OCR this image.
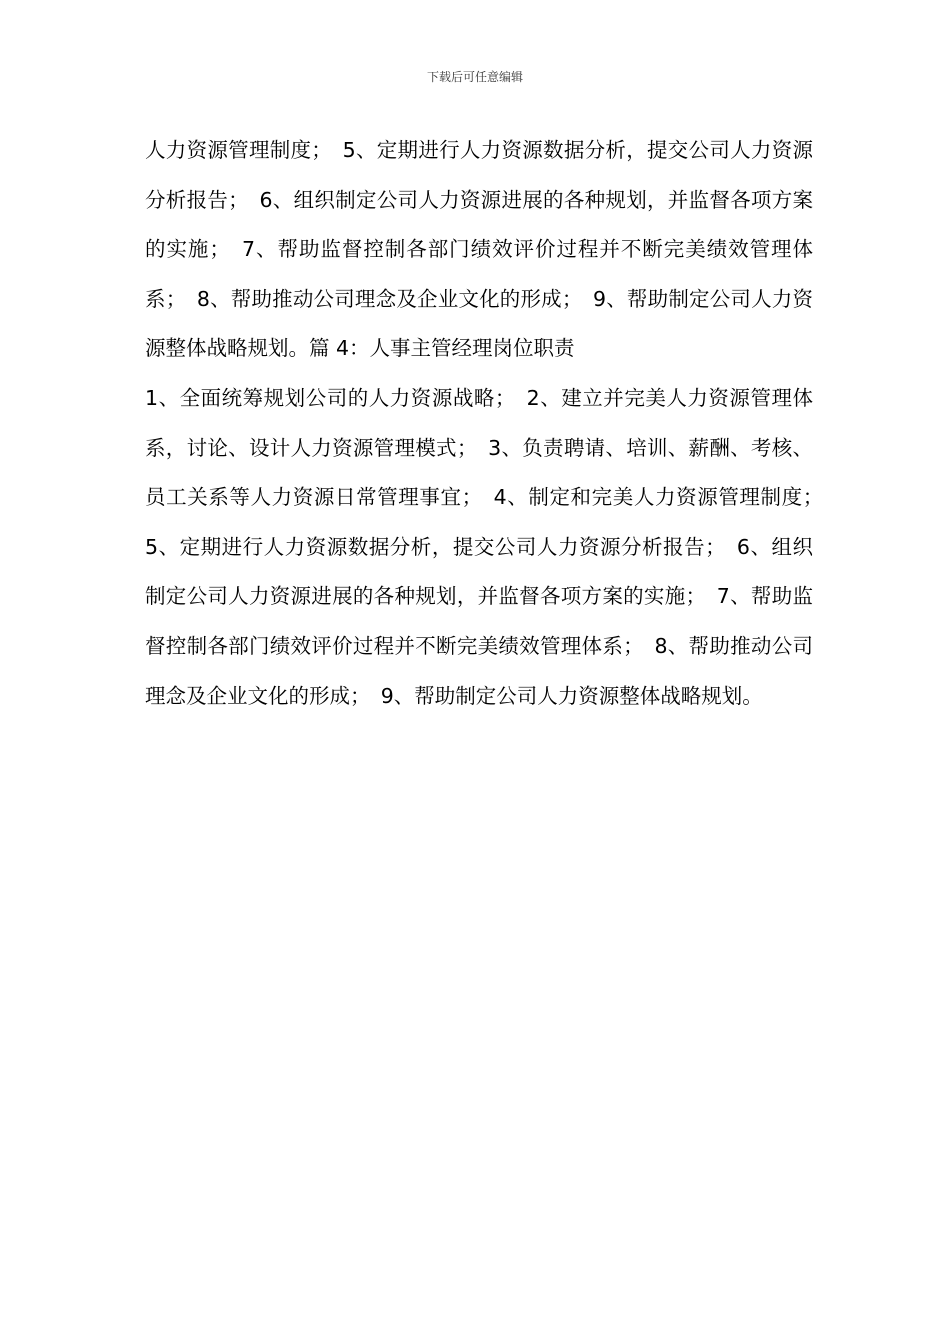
下载后可任意编辑

人力资源管理制度；　5、定期进行人力资源数据分析，提交公司人力资源分析报告；　6、组织制定公司人力资源进展的各种规划，并监督各项方案的实施；　7、帮助监督控制各部门绩效评价过程并不断完美绩效管理体系；　8、帮助推动公司理念及企业文化的形成；　9、帮助制定公司人力资源整体战略规划。篇 4：人事主管经理岗位职责

1、全面统筹规划公司的人力资源战略；　2、建立并完美人力资源管理体系，讨论、设计人力资源管理模式；　3、负责聘请、培训、薪酬、考核、员工关系等人力资源日常管理事宜；　4、制定和完美人力资源管理制度；　5、定期进行人力资源数据分析，提交公司人力资源分析报告；　6、组织制定公司人力资源进展的各种规划，并监督各项方案的实施；　7、帮助监督控制各部门绩效评价过程并不断完美绩效管理体系；　8、帮助推动公司理念及企业文化的形成；　9、帮助制定公司人力资源整体战略规划。
